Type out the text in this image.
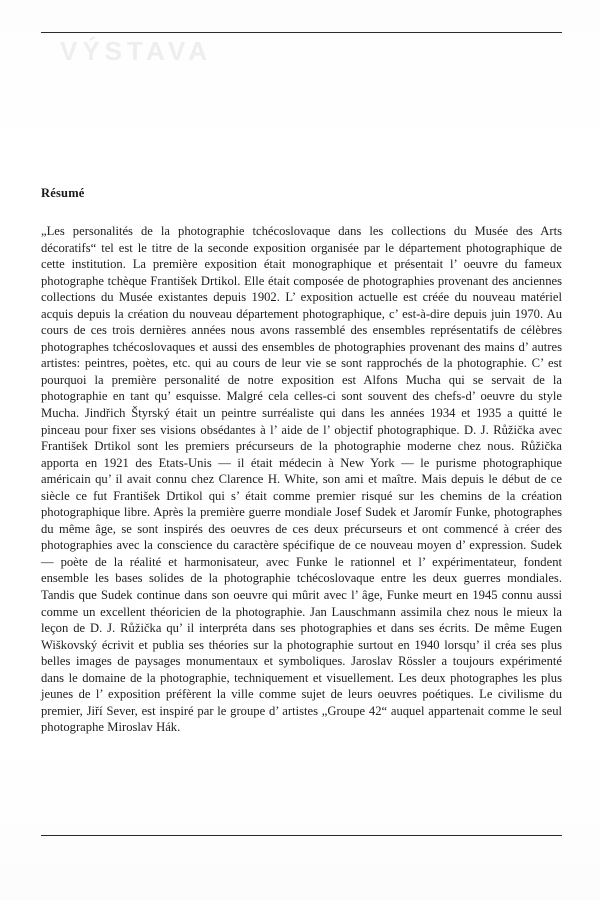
VÝSTAVA
Résumé

„Les personalités de la photographie tchécoslovaque dans les collections du Musée des Arts décoratifs“ tel est le titre de la seconde exposition organisée par le département photographique de cette institution. La première exposition était monographique et présentait l’ oeuvre du fameux photographe tchèque František Drtikol. Elle était composée de photographies provenant des anciennes collections du Musée existantes depuis 1902. L’ exposition actuelle est créée du nouveau matériel acquis depuis la création du nouveau département photographique, c’ est-à-dire depuis juin 1970. Au cours de ces trois dernières années nous avons rassemblé des ensembles représentatifs de célèbres photographes tchécoslovaques et aussi des ensembles de photographies provenant des mains d’ autres artistes: peintres, poètes, etc. qui au cours de leur vie se sont rapprochés de la photographie. C’ est pourquoi la première personalité de notre exposition est Alfons Mucha qui se servait de la photographie en tant qu’ esquisse. Malgré cela celles-ci sont souvent des chefs-d’ oeuvre du style Mucha. Jindřich Štyrský était un peintre surréaliste qui dans les années 1934 et 1935 a quitté le pinceau pour fixer ses visions obsédantes à l’ aide de l’ objectif photographique. D. J. Růžička avec František Drtikol sont les premiers précurseurs de la photographie moderne chez nous. Růžička apporta en 1921 des Etats-Unis — il était médecin à New York — le purisme photographique américain qu’ il avait connu chez Clarence H. White, son ami et maître. Mais depuis le début de ce siècle ce fut František Drtikol qui s’ était comme premier risqué sur les chemins de la création photographique libre. Après la première guerre mondiale Josef Sudek et Jaromír Funke, photographes du même âge, se sont inspirés des oeuvres de ces deux précurseurs et ont commencé à créer des photographies avec la conscience du caractère spécifique de ce nouveau moyen d’ expression. Sudek — poète de la réalité et harmonisateur, avec Funke le rationnel et l’ expérimentateur, fondent ensemble les bases solides de la photographie tchécoslovaque entre les deux guerres mondiales. Tandis que Sudek continue dans son oeuvre qui mûrit avec l’ âge, Funke meurt en 1945 connu aussi comme un excellent théoricien de la photographie. Jan Lauschmann assimila chez nous le mieux la leçon de D. J. Růžička qu’ il interpréta dans ses photographies et dans ses écrits. De même Eugen Wiškovský écrivit et publia ses théories sur la photographie surtout en 1940 lorsqu’ il créa ses plus belles images de paysages monumentaux et symboliques. Jaroslav Rössler a toujours expérimenté dans le domaine de la photographie, techniquement et visuellement. Les deux photographes les plus jeunes de l’ exposition préfèrent la ville comme sujet de leurs oeuvres poétiques. Le civilisme du premier, Jiří Sever, est inspiré par le groupe d’ artistes „Groupe 42“ auquel appartenait comme le seul photographe Miroslav Hák.
